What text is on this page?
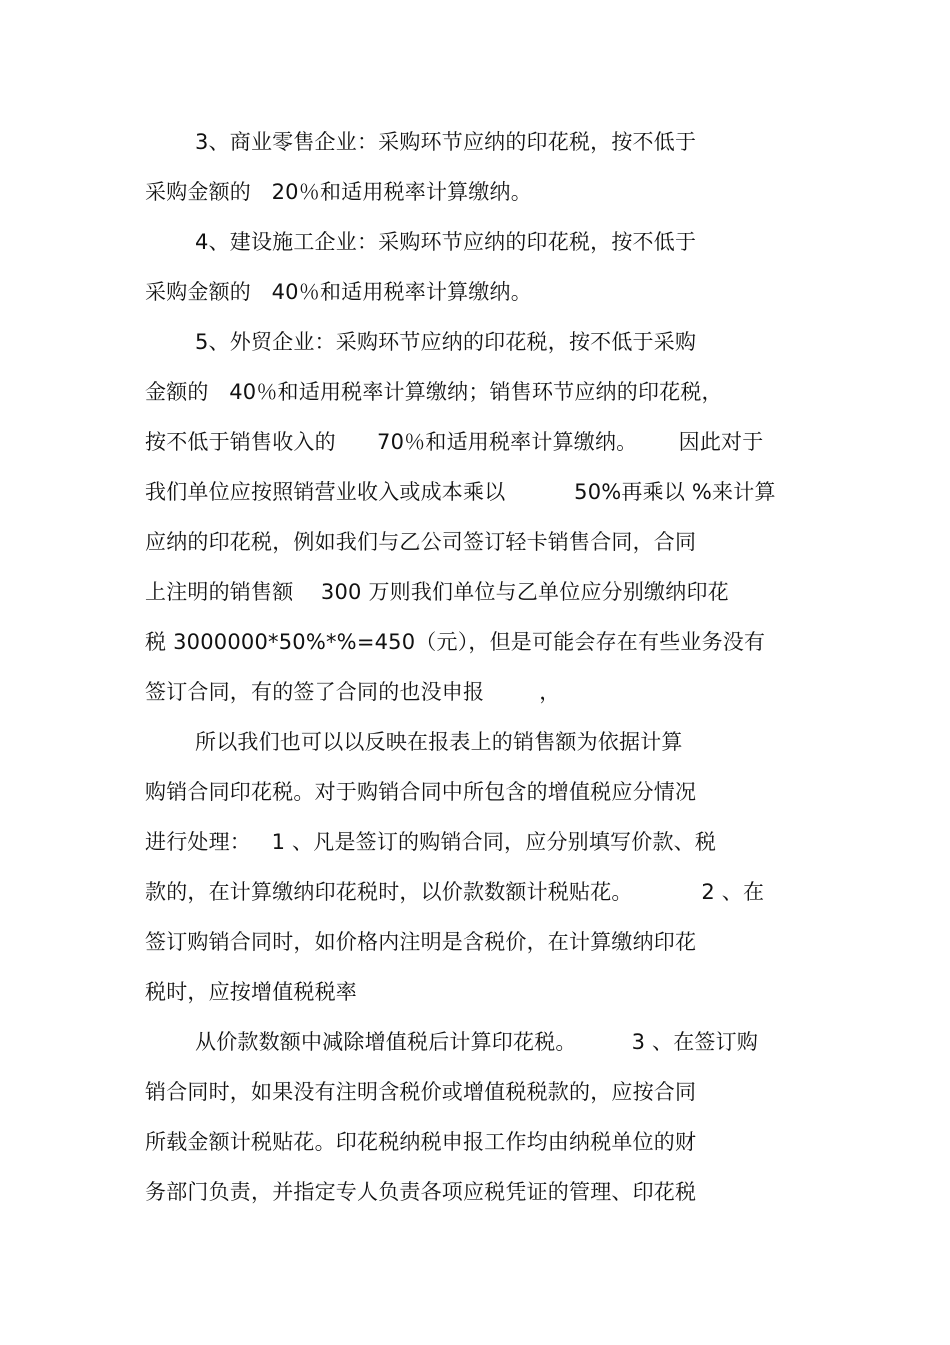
3、商业零售企业：采购环节应纳的印花税，按不低于
采购金额的   20％和适用税率计算缴纳。
4、建设施工企业：采购环节应纳的印花税，按不低于
采购金额的   40％和适用税率计算缴纳。
5、外贸企业：采购环节应纳的印花税，按不低于采购
金额的   40％和适用税率计算缴纳；销售环节应纳的印花税，
按不低于销售收入的      70％和适用税率计算缴纳。      因此对于
我们单位应按照销营业收入或成本乘以          50%再乘以 %来计算
应纳的印花税，例如我们与乙公司签订轻卡销售合同，合同
上注明的销售额    300 万则我们单位与乙单位应分别缴纳印花
税 3000000*50%*%=450（元），但是可能会存在有些业务没有
签订合同，有的签了合同的也没申报        ，
所以我们也可以以反映在报表上的销售额为依据计算
购销合同印花税。对于购销合同中所包含的增值税应分情况
进行处理：   1 、凡是签订的购销合同，应分别填写价款、税
款的，在计算缴纳印花税时，以价款数额计税贴花。          2 、在
签订购销合同时，如价格内注明是含税价，在计算缴纳印花
税时，应按增值税税率
从价款数额中减除增值税后计算印花税。        3 、在签订购
销合同时，如果没有注明含税价或增值税税款的，应按合同
所载金额计税贴花。印花税纳税申报工作均由纳税单位的财
务部门负责，并指定专人负责各项应税凭证的管理、印花税
